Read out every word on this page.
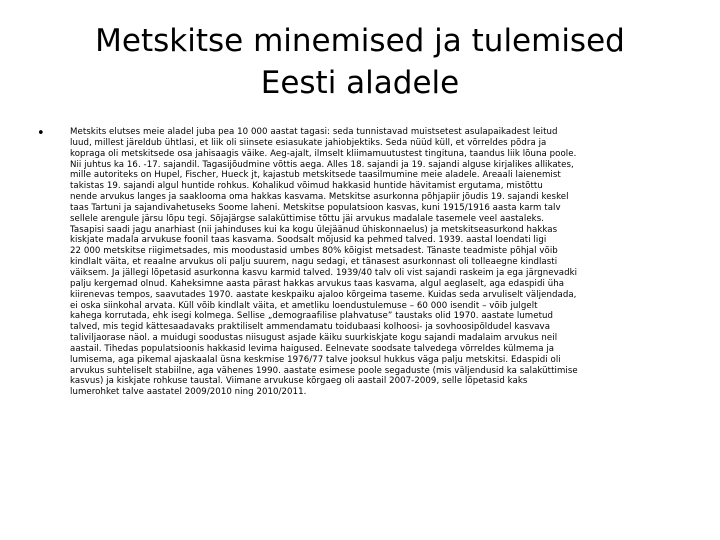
Metskitse minemised ja tulemised
Eesti aladele
•	Metskits elutses meie aladel juba pea 10 000 aastat tagasi: seda tunnistavad muistsetest asulapaikadest leitud
luud, millest järeldub ühtlasi, et liik oli siinsete esiasukate jahiobjektiks. Seda nüüd küll, et võrreldes põdra ja
kopraga oli metskitsede osa jahisaagis väike. Aeg-ajalt, ilmselt kliimamuutustest tingituna, taandus liik lõuna poole.
Nii juhtus ka 16. -17. sajandil. Tagasijõudmine võttis aega. Alles 18. sajandi ja 19. sajandi alguse kirjalikes allikates,
mille autoriteks on Hupel, Fischer, Hueck jt, kajastub metskitsede taasilmumine meie aladele. Areaali laienemist
takistas 19. sajandi algul huntide rohkus. Kohalikud võimud hakkasid huntide hävitamist ergutama, mistõttu
nende arvukus langes ja saaklooma oma hakkas kasvama. Metskitse asurkonna põhjapiir jõudis 19. sajandi keskel
taas Tartuni ja sajandivahetuseks Soome laheni. Metskitse populatsioon kasvas, kuni 1915/1916 aasta karm talv
sellele arengule järsu lõpu tegi. Sõjajärgse salaküttimise tõttu jäi arvukus madalale tasemele veel aastaleks.
Tasapisi saadi jagu anarhiast (nii jahinduses kui ka kogu ülejäänud ühiskonnaelus) ja metskitseasurkond hakkas
kiskjate madala arvukuse foonil taas kasvama. Soodsalt mõjusid ka pehmed talved. 1939. aastal loendati ligi
22 000 metskitse riigimetsades, mis moodustasid umbes 80% kõigist metsadest. Tänaste teadmiste põhjal võib
kindlalt väita, et reaalne arvukus oli palju suurem, nagu sedagi, et tänasest asurkonnast oli tolleaegne kindlasti
väiksem. Ja jällegi lõpetasid asurkonna kasvu karmid talved. 1939/40 talv oli vist sajandi raskeim ja ega järgnevadki
palju kergemad olnud. Kaheksimne aasta pärast hakkas arvukus taas kasvama, algul aeglaselt, aga edaspidi üha
kiirenevas tempos, saavutades 1970. aastate keskpaiku ajaloo kõrgeima taseme. Kuidas seda arvuliselt väljendada,
ei oska siinkohal arvata. Küll võib kindlalt väita, et ametliku loendustulemuse – 60 000 isendit – võib julgelt
kahega korrutada, ehk isegi kolmega. Sellise „demograafilise plahvatuse” taustaks olid 1970. aastate lumetud
talved, mis tegid kättesaadavaks praktiliselt ammendamatu toidubaasi kolhoosi- ja sovhoosipõldudel kasvava
taliviljaorase näol. a muidugi soodustas niisugust asjade käiku suurkiskjate kogu sajandi madalaim arvukus neil
aastail. Tihedas populatsioonis hakkasid levima haigused. Eelnevate soodsate talvedega võrreldes külmema ja
lumisema, aga pikemal ajaskaalal üsna keskmise 1976/77 talve jooksul hukkus väga palju metskitsi. Edaspidi oli
arvukus suhteliselt stabiilne, aga vähenes 1990. aastate esimese poole segaduste (mis väljendusid ka salaküttimise
kasvus) ja kiskjate rohkuse taustal. Viimane arvukuse kõrgaeg oli aastail 2007-2009, selle lõpetasid kaks
lumerohket talve aastatel 2009/2010 ning 2010/2011.
